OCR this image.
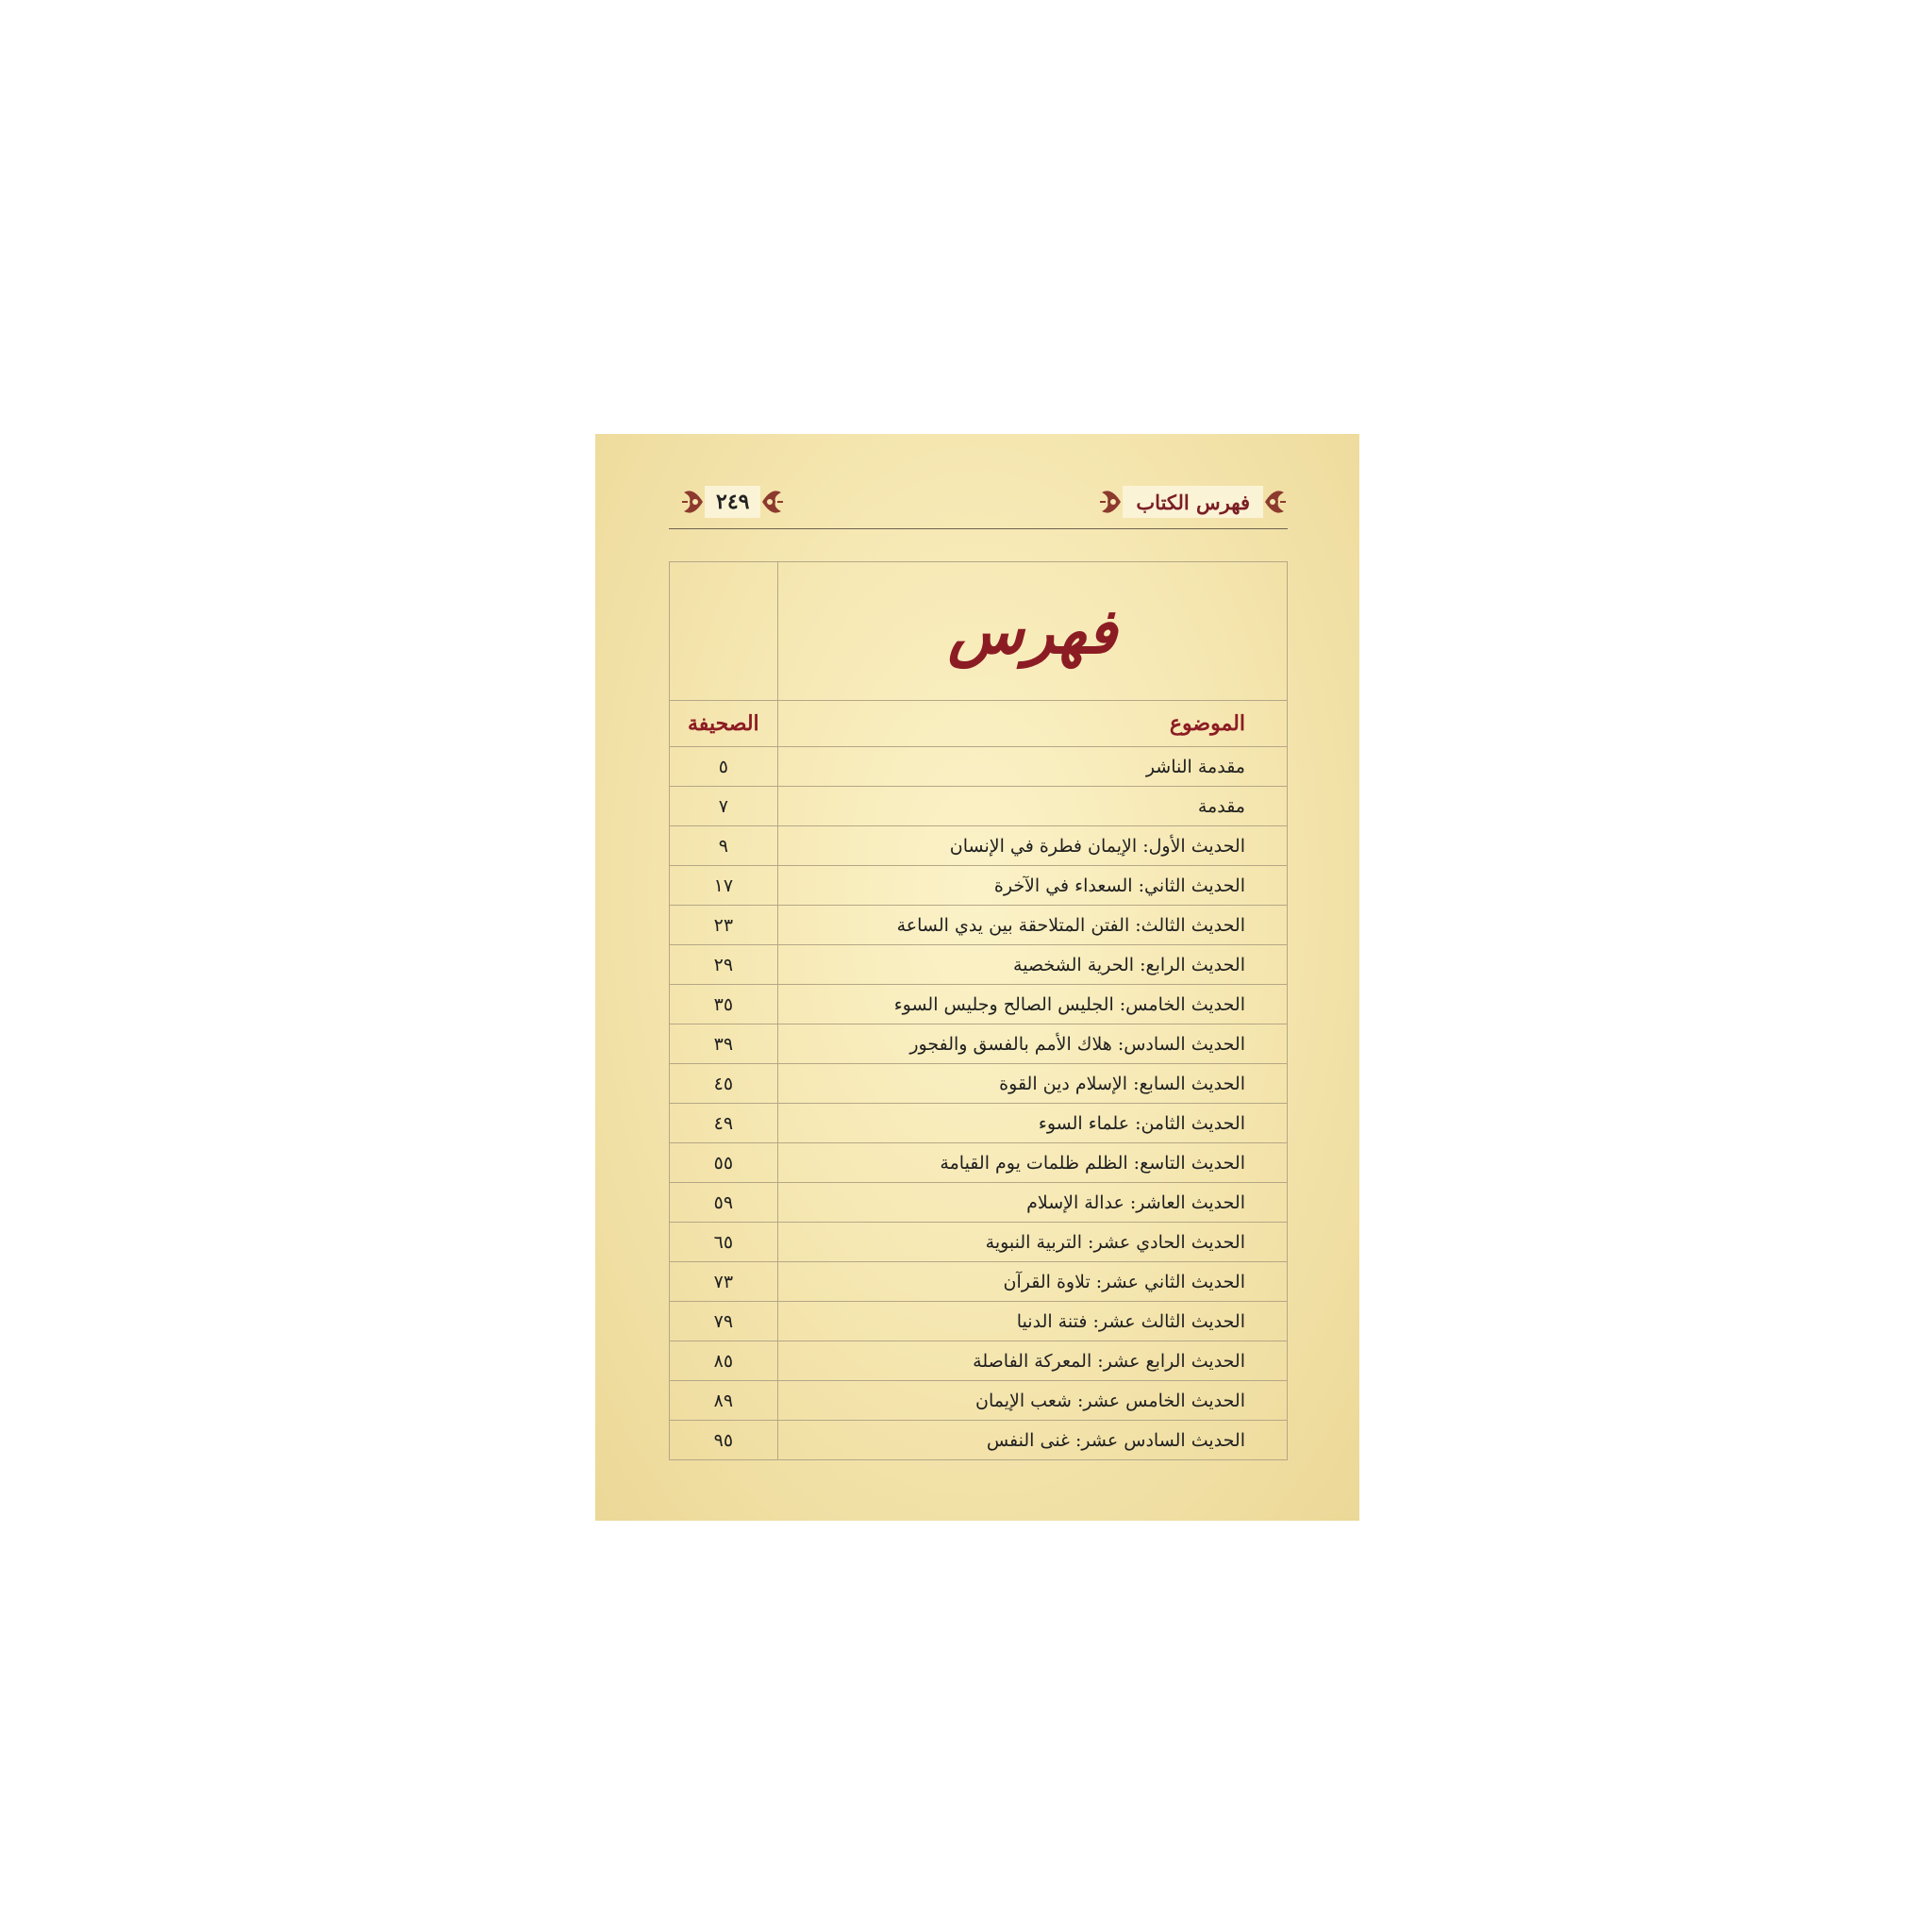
٢٤٩	فهرس الكتاب
فهرس	
الموضوع	الصحيفة
مقدمة الناشر	٥
مقدمة	٧
الحديث الأول: الإيمان فطرة في الإنسان	٩
الحديث الثاني: السعداء في الآخرة	١٧
الحديث الثالث: الفتن المتلاحقة بين يدي الساعة	٢٣
الحديث الرابع: الحرية الشخصية	٢٩
الحديث الخامس: الجليس الصالح وجليس السوء	٣٥
الحديث السادس: هلاك الأمم بالفسق والفجور	٣٩
الحديث السابع: الإسلام دين القوة	٤٥
الحديث الثامن: علماء السوء	٤٩
الحديث التاسع: الظلم ظلمات يوم القيامة	٥٥
الحديث العاشر: عدالة الإسلام	٥٩
الحديث الحادي عشر: التربية النبوية	٦٥
الحديث الثاني عشر: تلاوة القرآن	٧٣
الحديث الثالث عشر: فتنة الدنيا	٧٩
الحديث الرابع عشر: المعركة الفاصلة	٨٥
الحديث الخامس عشر: شعب الإيمان	٨٩
الحديث السادس عشر: غنى النفس	٩٥
